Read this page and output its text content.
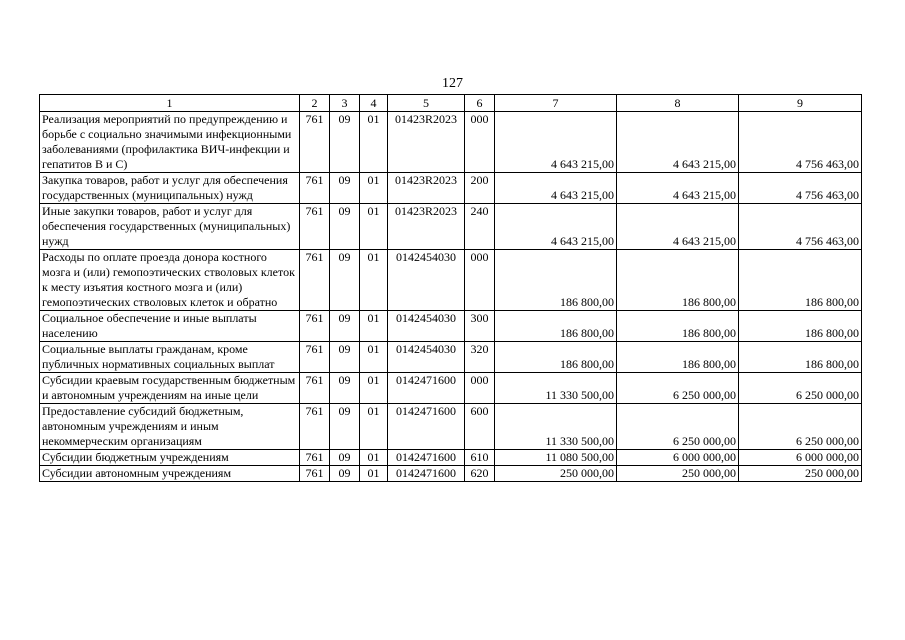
127
1	2	3	4	5	6	7	8	9
Реализация мероприятий по предупреждению и борьбе с социально значимыми инфекционными заболеваниями (профилактика ВИЧ-инфекции и гепатитов В и С)	761	09	01	01423R2023	000	4 643 215,00	4 643 215,00	4 756 463,00
Закупка товаров, работ и услуг для обеспечения государственных (муниципальных) нужд	761	09	01	01423R2023	200	4 643 215,00	4 643 215,00	4 756 463,00
Иные закупки товаров, работ и услуг для обеспечения государственных (муниципальных) нужд	761	09	01	01423R2023	240	4 643 215,00	4 643 215,00	4 756 463,00
Расходы по оплате проезда донора костного мозга и (или) гемопоэтических стволовых клеток к месту изъятия костного мозга и (или) гемопоэтических стволовых клеток и обратно	761	09	01	0142454030	000	186 800,00	186 800,00	186 800,00
Социальное обеспечение и иные выплаты населению	761	09	01	0142454030	300	186 800,00	186 800,00	186 800,00
Социальные выплаты гражданам, кроме публичных нормативных социальных выплат	761	09	01	0142454030	320	186 800,00	186 800,00	186 800,00
Субсидии краевым государственным бюджетным и автономным учреждениям на иные цели	761	09	01	0142471600	000	11 330 500,00	6 250 000,00	6 250 000,00
Предоставление субсидий бюджетным, автономным учреждениям и иным некоммерческим организациям	761	09	01	0142471600	600	11 330 500,00	6 250 000,00	6 250 000,00
Субсидии бюджетным учреждениям	761	09	01	0142471600	610	11 080 500,00	6 000 000,00	6 000 000,00
Субсидии автономным учреждениям	761	09	01	0142471600	620	250 000,00	250 000,00	250 000,00
